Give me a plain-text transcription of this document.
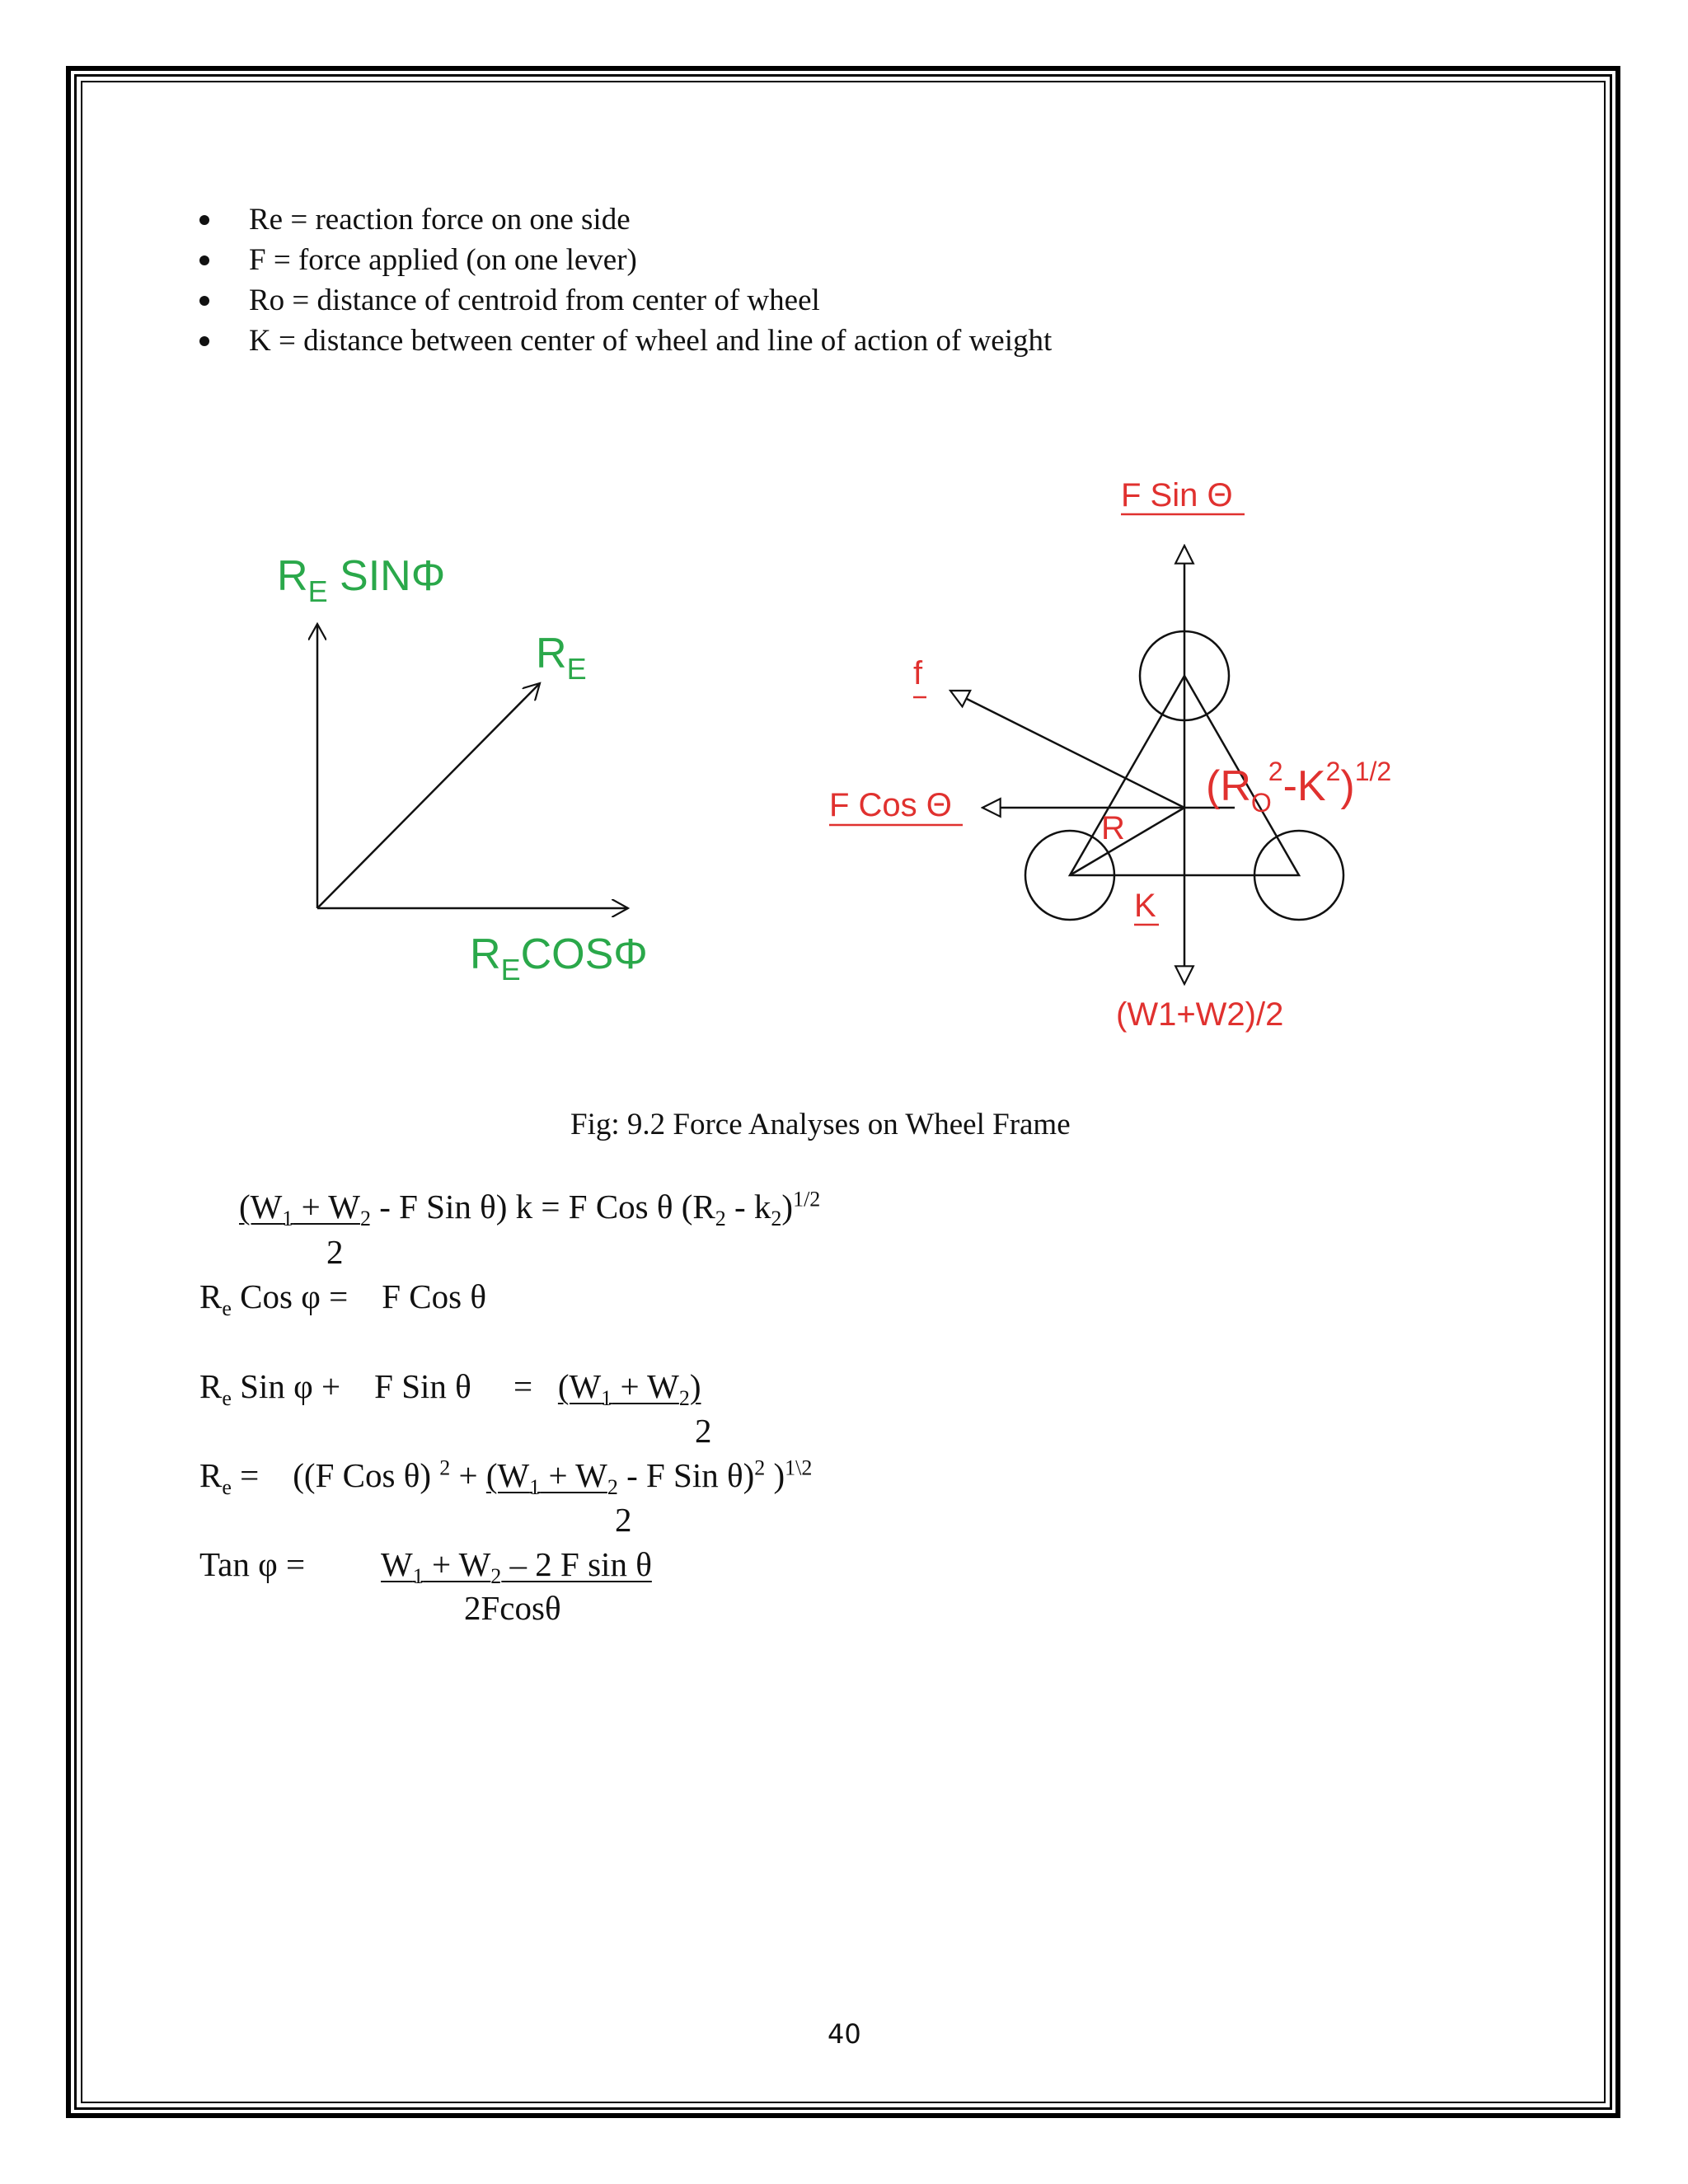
Re = reaction force on one side
F = force applied (on one lever)
Ro = distance of centroid from center of wheel
K = distance between center of wheel and line of action of weight
$R_E$ SINΦ
$R_E$
$R_ECOS\Phi$
F Sin Θ
f
F Cos Θ
R
K
$(R_O2-K^2)^{1/2}$
(W1+W2)/2
Fig: 9.2 Force Analyses on Wheel Frame
($W_1 + W_2 - F$ Sin θ) k = F Cos θ $(R_2 - k_2)^{1/2}$
2
$R_e$ Cos φ =    F Cos θ
$R_e$ Sin φ +    F Sin θ     =   $(W_1 + W_2)$
2
$R_e$ =    ((F Cos θ) $^2 + (W_1 + W_2 - F$ Sin θ)$^2$ )$^{1\backslash 2}$
2
Tan $\varphi = W_1 + W_2 - 2$ F sin θ
2Fcosθ
40
